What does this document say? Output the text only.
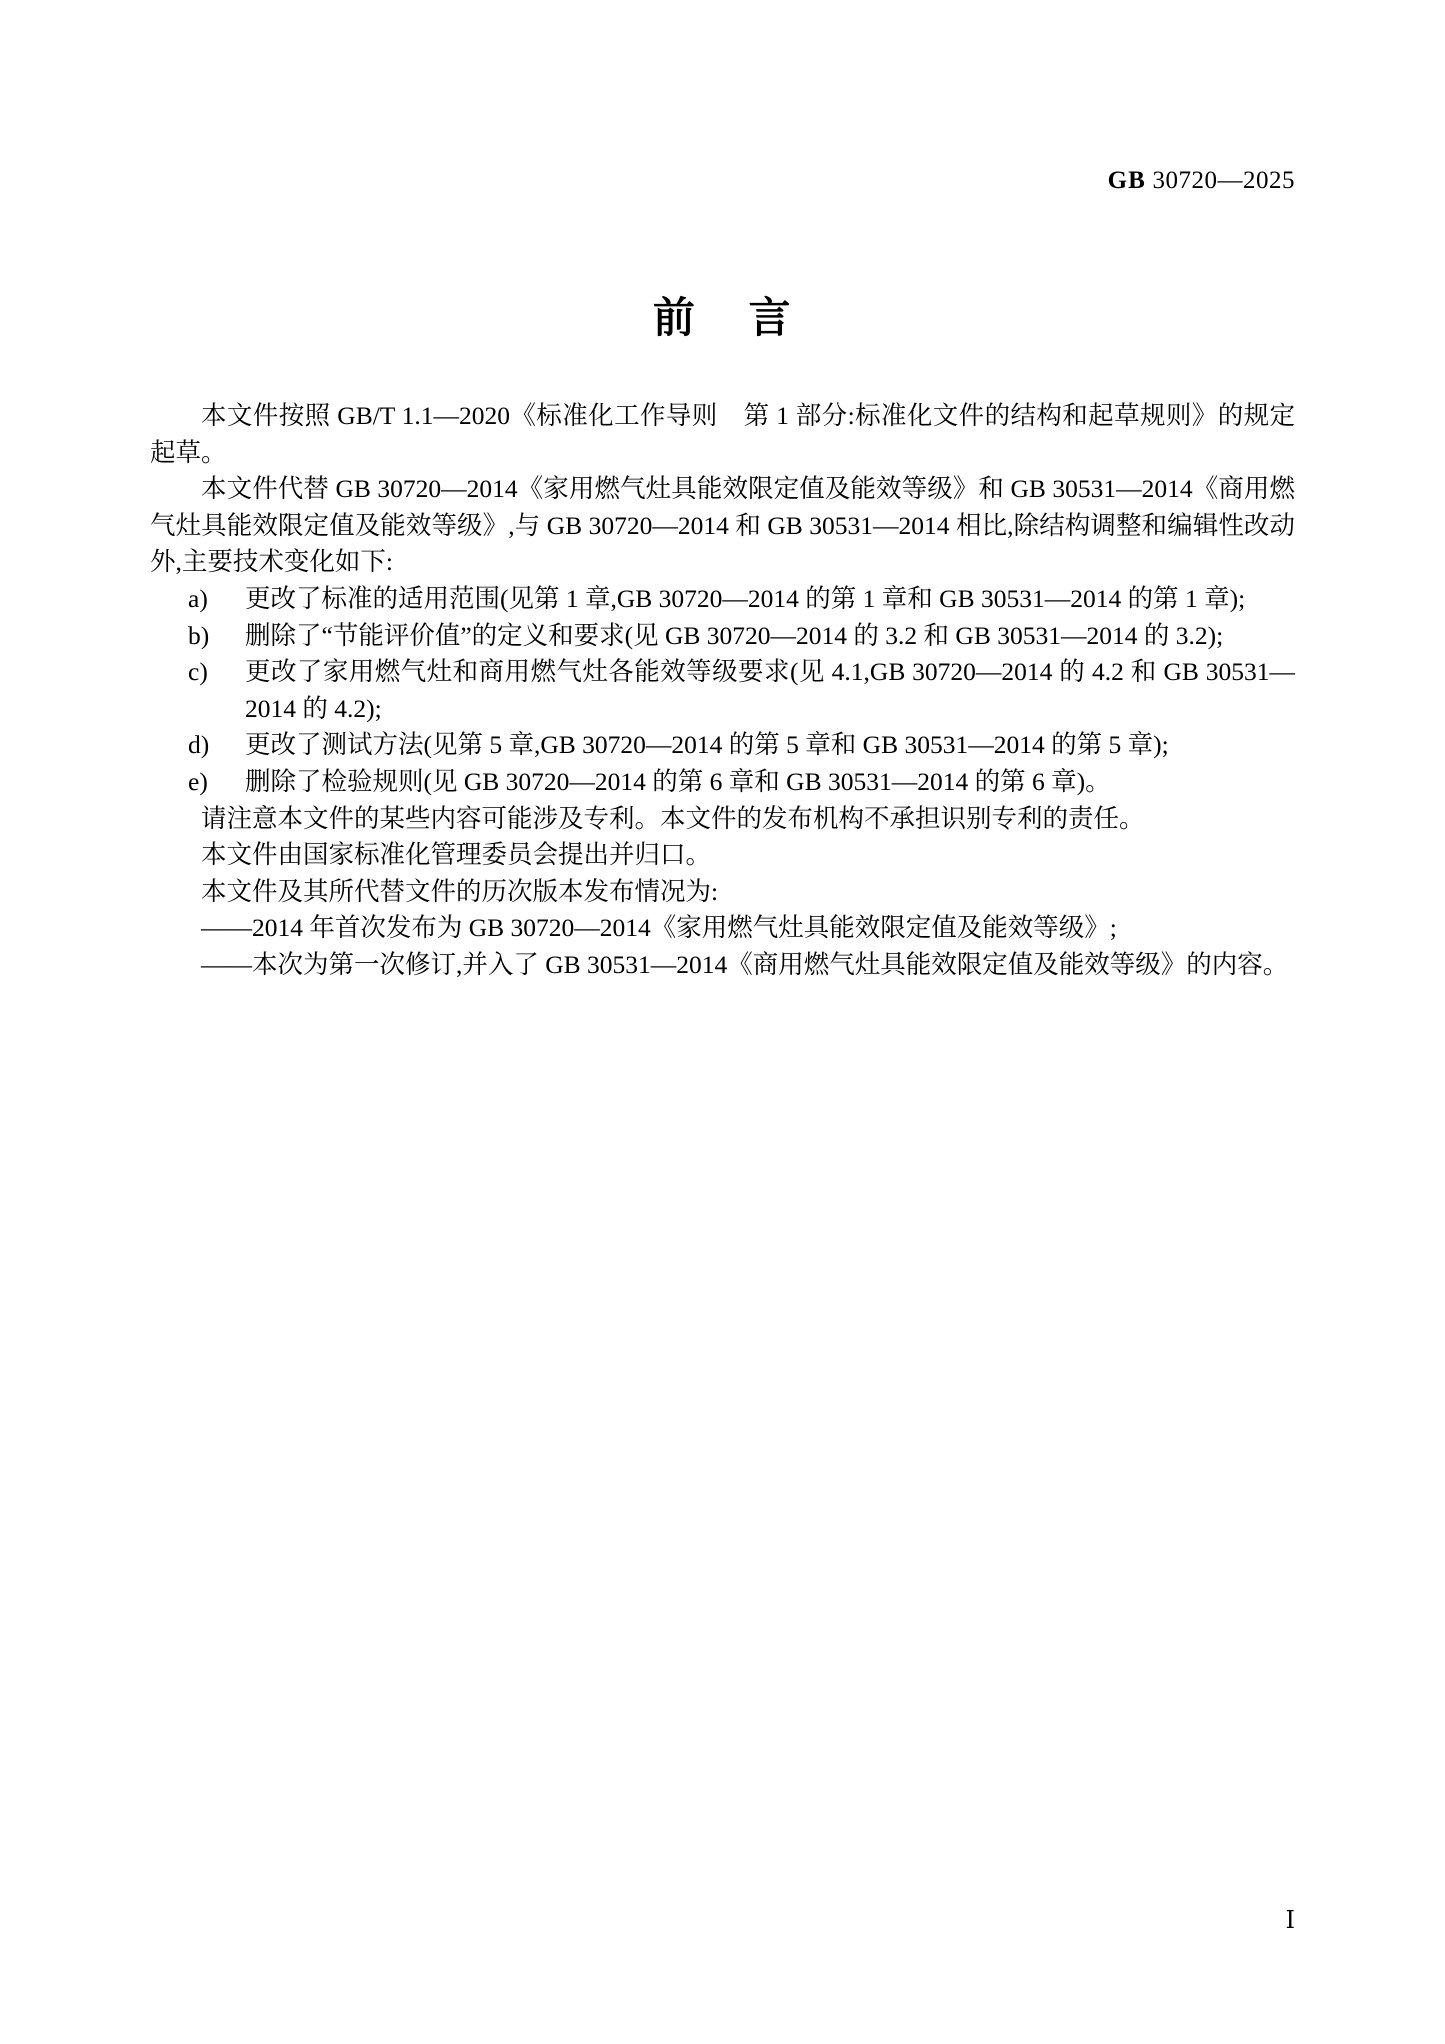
GB 30720—2025
前 言

本文件按照 GB/T 1.1—2020《标准化工作导则　第 1 部分:标准化文件的结构和起草规则》的规定起草。

本文件代替 GB 30720—2014《家用燃气灶具能效限定值及能效等级》和 GB 30531—2014《商用燃气灶具能效限定值及能效等级》,与 GB 30720—2014 和 GB 30531—2014 相比,除结构调整和编辑性改动外,主要技术变化如下:

a)	更改了标准的适用范围(见第 1 章,GB 30720—2014 的第 1 章和 GB 30531—2014 的第 1 章);
b)	删除了“节能评价值”的定义和要求(见 GB 30720—2014 的 3.2 和 GB 30531—2014 的 3.2);
c)	更改了家用燃气灶和商用燃气灶各能效等级要求(见 4.1,GB 30720—2014 的 4.2 和 GB 30531—2014 的 4.2);
d)	更改了测试方法(见第 5 章,GB 30720—2014 的第 5 章和 GB 30531—2014 的第 5 章);
e)	删除了检验规则(见 GB 30720—2014 的第 6 章和 GB 30531—2014 的第 6 章)。

请注意本文件的某些内容可能涉及专利。本文件的发布机构不承担识别专利的责任。

本文件由国家标准化管理委员会提出并归口。

本文件及其所代替文件的历次版本发布情况为:

——2014 年首次发布为 GB 30720—2014《家用燃气灶具能效限定值及能效等级》;
——本次为第一次修订,并入了 GB 30531—2014《商用燃气灶具能效限定值及能效等级》的内容。
Ⅰ
